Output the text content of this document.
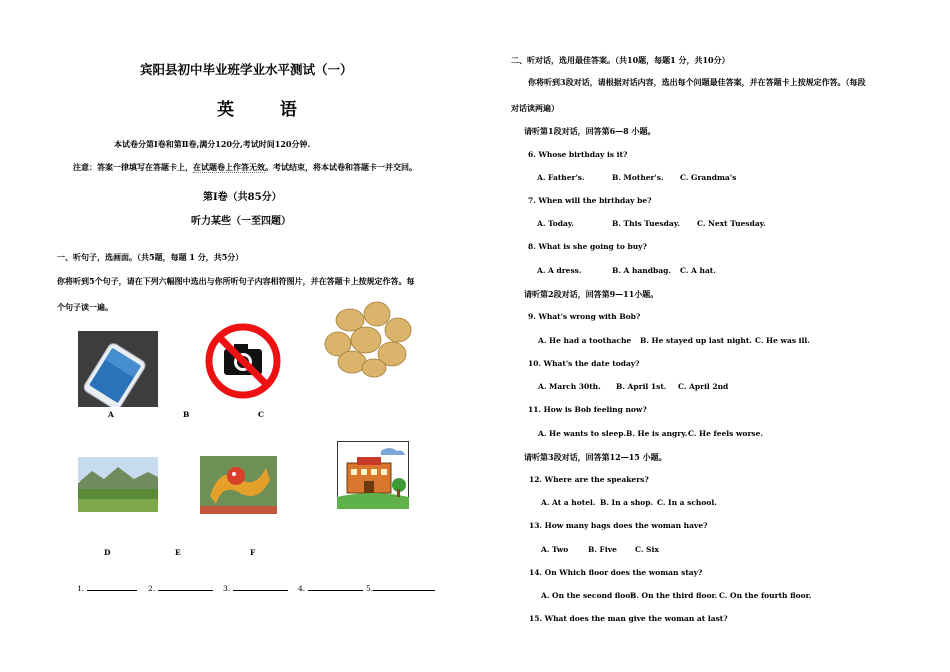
宾阳县初中毕业班学业水平测试（一）
英 语
本试卷分第Ⅰ卷和第Ⅱ卷,满分120分,考试时间120分钟.
注意：答案一律填写在答题卡上，在试题卷上作答无效。考试结束，将本试卷和答题卡一并交回。
第Ⅰ卷（共85分）
听力某些（一至四题）
一、听句子，选画面。（共5题，每题 1 分，共5分）
你将听到5个句子，请在下列六幅图中选出与你所听句子内容相符图片，并在答题卡上按规定作答。每
个句子读一遍。
A	B	C
D	E	F
1.	2.	3.	4.	5.
二、听对话，选用最佳答案。（共10题，每题1 分，共10分）
你将听到3段对话，请根据对话内容，选出每个问题最佳答案，并在答题卡上按规定作答。（每段
对话读两遍）
请听第1段对话，回答第6—8 小题。
6. Whose birthday is it?
A. Father's.	B. Mother's. C. Grandma's
7. When will the birthday be?
A. Today.	B. This Tuesday. C. Next Tuesday.
8. What is she going to buy?
A. A dress.	B. A handbag. C. A hat.
请听第2段对话，回答第9—11小题。
9. What's wrong with Bob?
A. He had a toothache B. He stayed up last night. C. He was ill.
10. What's the date today?
A. March 30th. B. April 1st. C. April 2nd
11. How is Bob feeling now?
A. He wants to sleep. B. He is angry. C. He feels worse.
请听第3段对话，回答第12—15 小题。
12. Where are the speakers?
A. At a hotel. B. In a shop. C. In a school.
13. How many bags does the woman have?
A. Two	B. Five C. Six
14. On Which floor does the woman stay?
A. On the second floor.
B. On the third floor. C. On the fourth floor.
15. What does the man give the woman at last?
